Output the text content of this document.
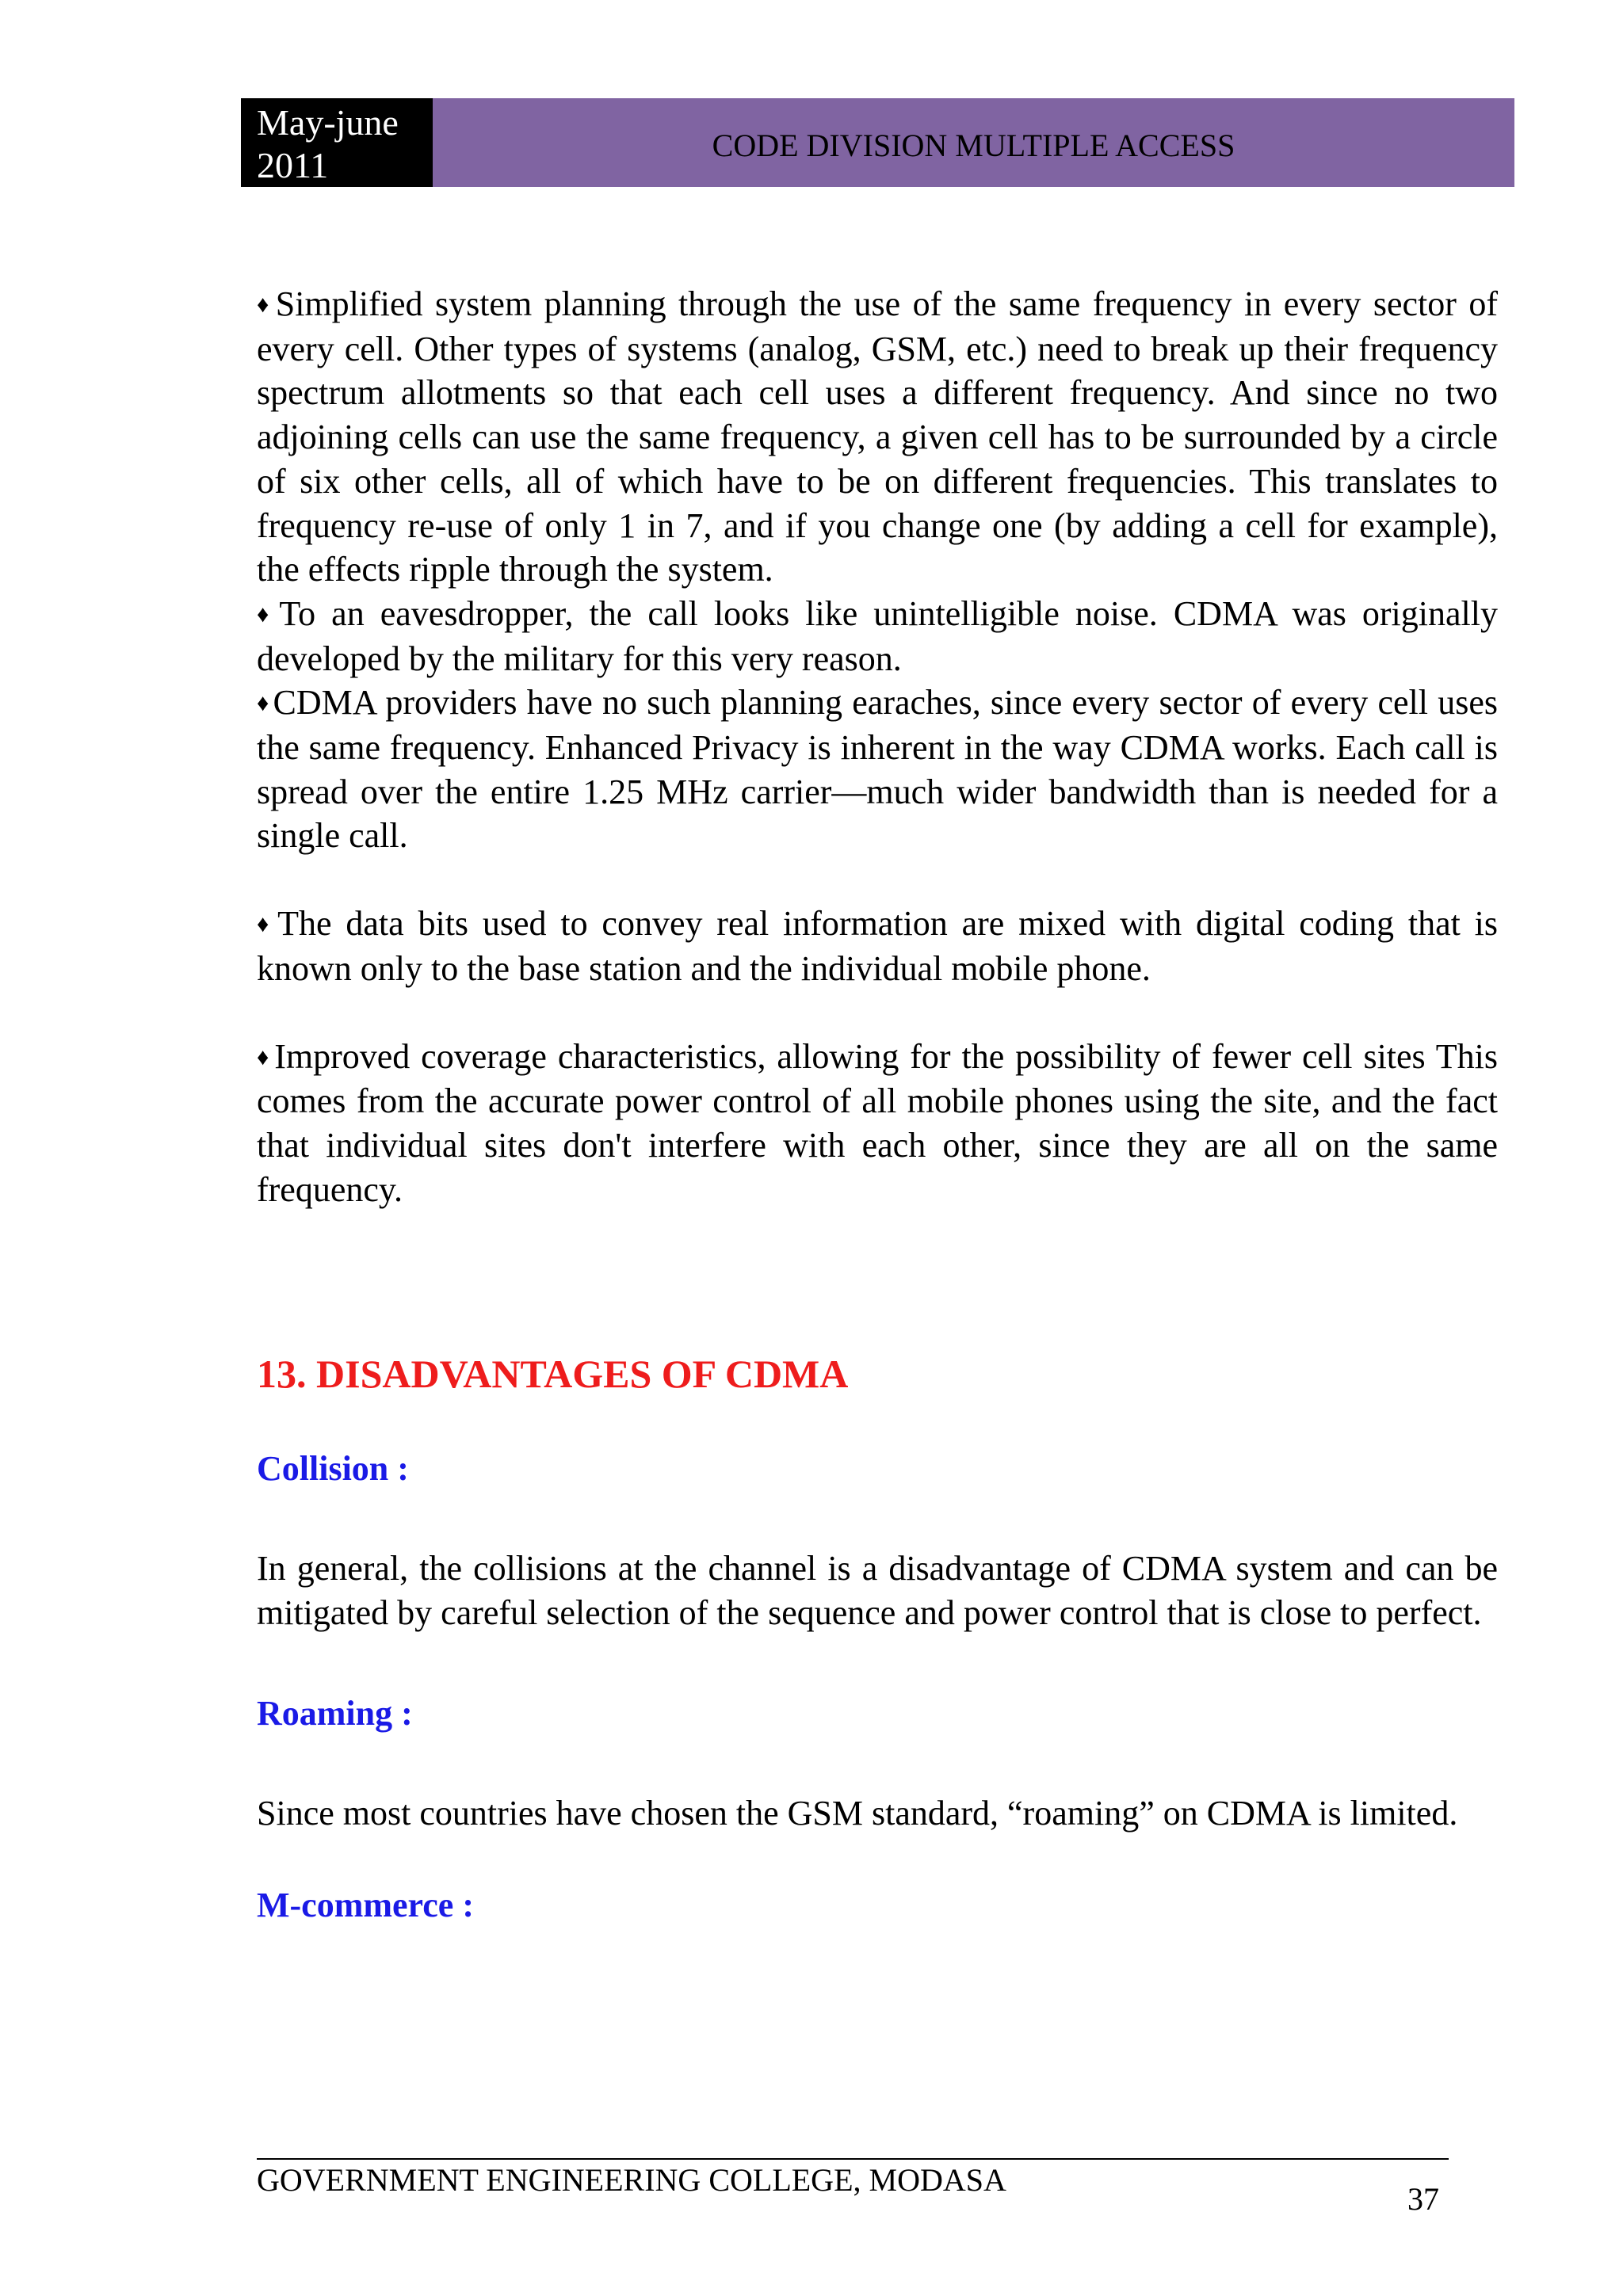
May-june
2011	CODE DIVISION MULTIPLE ACCESS

♦Simplified system planning through the use of the same frequency in every sector of every cell. Other types of systems (analog, GSM, etc.) need to break up their frequency spectrum allotments so that each cell uses a different frequency. And since no two adjoining cells can use the same frequency, a given cell has to be surrounded by a circle of six other cells, all of which have to be on different frequencies. This translates to frequency re-use of only 1 in 7, and if you change one (by adding a cell for example), the effects ripple through the system.

♦To an eavesdropper, the call looks like unintelligible noise. CDMA was originally developed by the military for this very reason.

♦CDMA providers have no such planning earaches, since every sector of every cell uses the same frequency. Enhanced Privacy is inherent in the way CDMA works. Each call is spread over the entire 1.25 MHz carrier—much wider bandwidth than is needed for a single call.

♦The data bits used to convey real information are mixed with digital coding that is known only to the base station and the individual mobile phone.

♦Improved coverage characteristics, allowing for the possibility of fewer cell sites This comes from the accurate power control of all mobile phones using the site, and the fact that individual sites don't interfere with each other, since they are all on the same frequency.

13. DISADVANTAGES OF CDMA
Collision :

In general, the collisions at the channel is a disadvantage of CDMA system and can be mitigated by careful selection of the sequence and power control that is close to perfect.

Roaming :

Since most countries have chosen the GSM standard, “roaming” on CDMA is limited.

M-commerce :
GOVERNMENT ENGINEERING COLLEGE, MODASA
37
